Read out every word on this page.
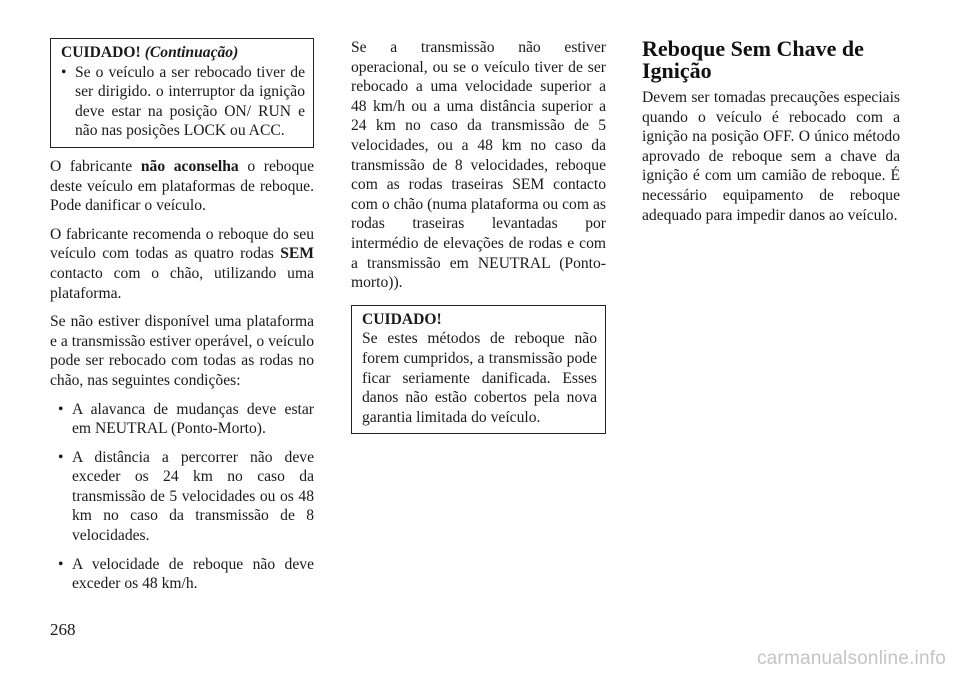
CUIDADO! (Continuação)
• Se o veículo a ser rebocado tiver de ser dirigido. o interruptor da ignição deve estar na posição ON/ RUN e não nas posições LOCK ou ACC.

O fabricante não aconselha o reboque deste veículo em plataformas de reboque. Pode danificar o veículo.

O fabricante recomenda o reboque do seu veículo com todas as quatro rodas SEM contacto com o chão, utilizando uma plataforma.

Se não estiver disponível uma plataforma e a transmissão estiver operável, o veículo pode ser rebocado com todas as rodas no chão, nas seguintes condições:

• A alavanca de mudanças deve estar em NEUTRAL (Ponto-Morto).
• A distância a percorrer não deve exceder os 24 km no caso da transmissão de 5 velocidades ou os 48 km no caso da transmissão de 8 velocidades.
• A velocidade de reboque não deve exceder os 48 km/h.

Se a transmissão não estiver operacional, ou se o veículo tiver de ser rebocado a uma velocidade superior a 48 km/h ou a uma distância superior a 24 km no caso da transmissão de 5 velocidades, ou a 48 km no caso da transmissão de 8 velocidades, reboque com as rodas traseiras SEM contacto com o chão (numa plataforma ou com as rodas traseiras levantadas por intermédio de elevações de rodas e com a transmissão em NEUTRAL (Ponto-morto)).

CUIDADO!
Se estes métodos de reboque não forem cumpridos, a transmissão pode ficar seriamente danificada. Esses danos não estão cobertos pela nova garantia limitada do veículo.
Reboque Sem Chave de Ignição

Devem ser tomadas precauções especiais quando o veículo é rebocado com a ignição na posição OFF. O único método aprovado de reboque sem a chave da ignição é com um camião de reboque. É necessário equipamento de reboque adequado para impedir danos ao veículo.

268
carmanualsonline.info
